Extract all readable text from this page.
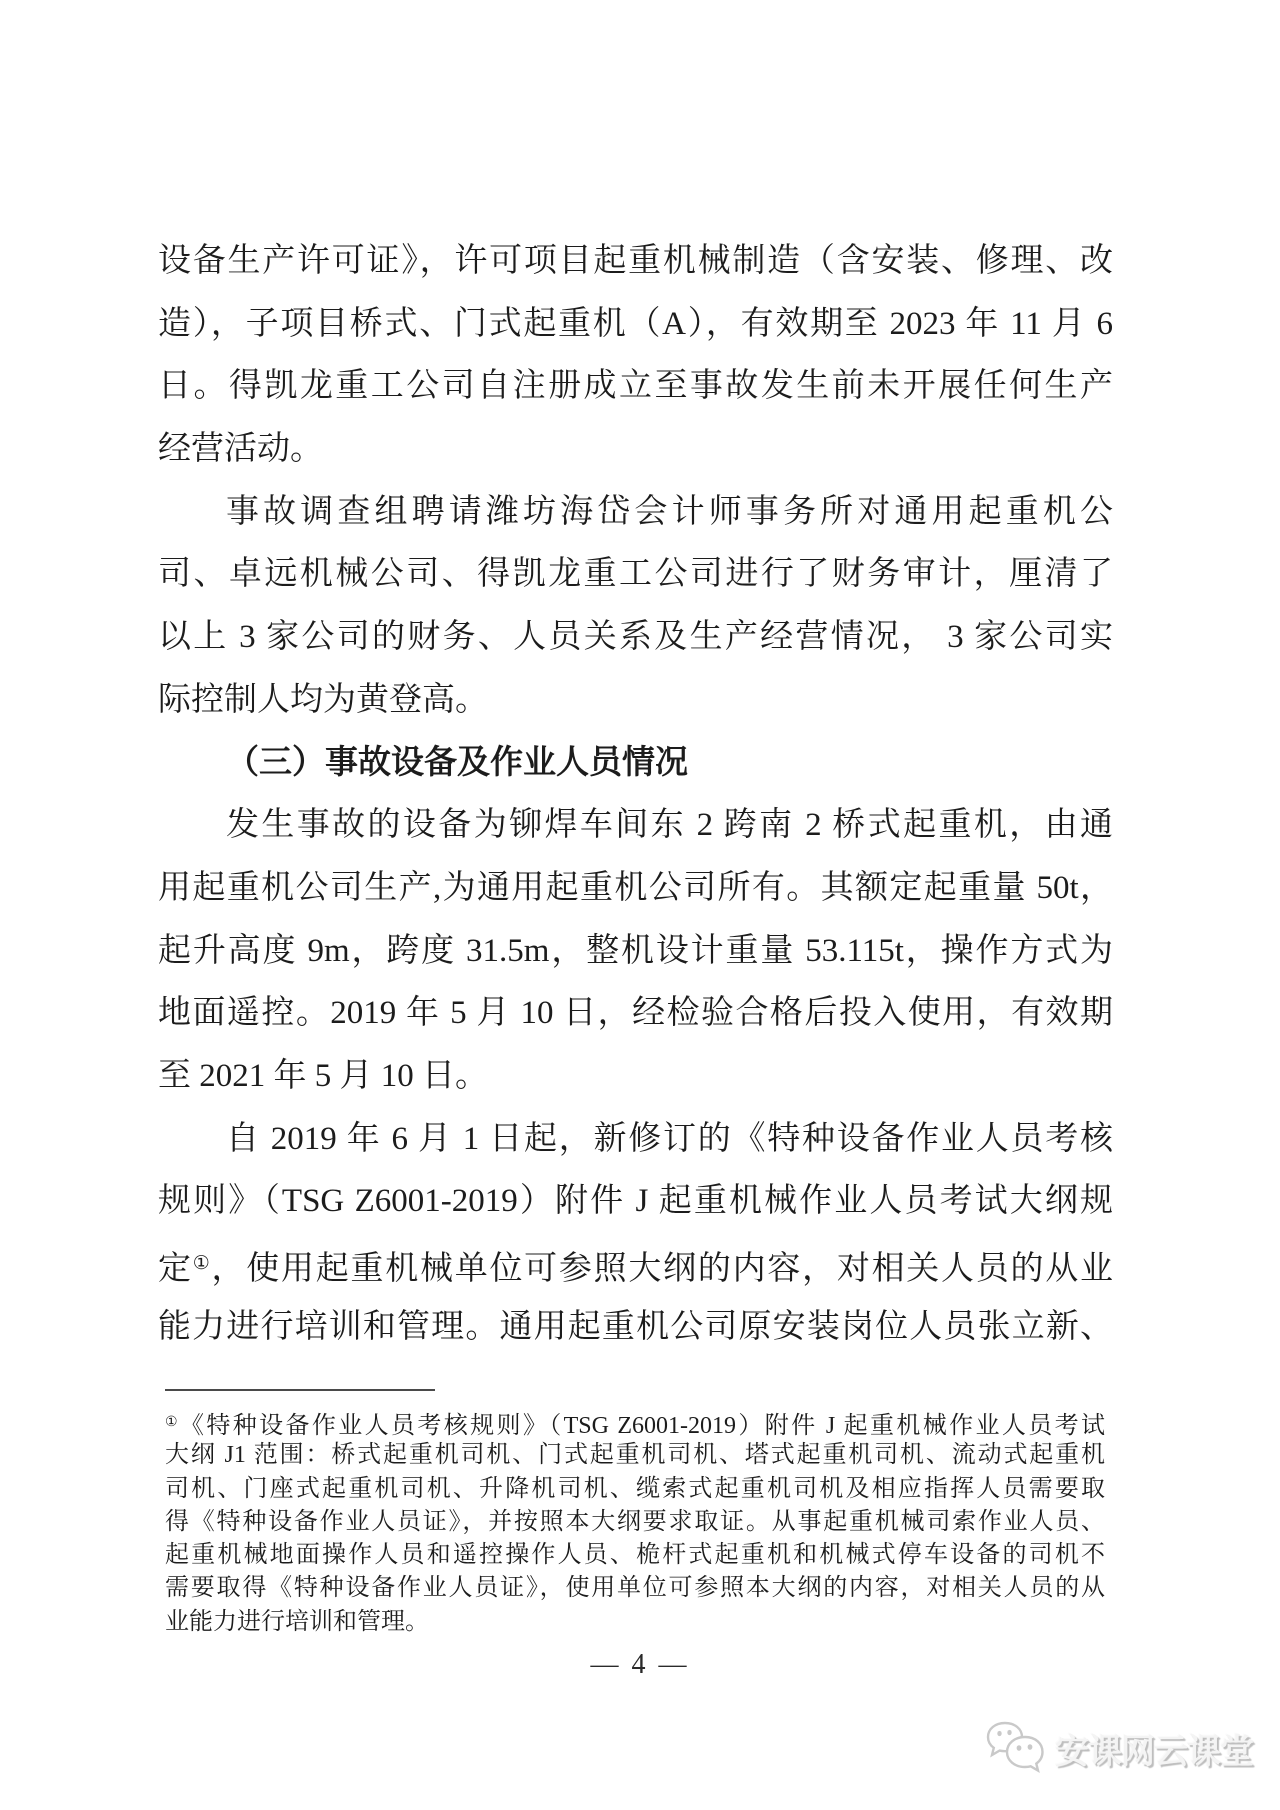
设备生产许可证》，许可项目起重机械制造（含安装、修理、改
造），子项目桥式、门式起重机（A），有效期至 2023 年 11 月 6
日。得凯龙重工公司自注册成立至事故发生前未开展任何生产
经营活动。
事故调查组聘请潍坊海岱会计师事务所对通用起重机公
司、卓远机械公司、得凯龙重工公司进行了财务审计，厘清了
以上 3 家公司的财务、人员关系及生产经营情况， 3 家公司实
际控制人均为黄登高。
（三）事故设备及作业人员情况
发生事故的设备为铆焊车间东 2 跨南 2 桥式起重机，由通
用起重机公司生产,为通用起重机公司所有。其额定起重量 50t，
起升高度 9m，跨度 31.5m，整机设计重量 53.115t，操作方式为
地面遥控。2019 年 5 月 10 日，经检验合格后投入使用，有效期
至 2021 年 5 月 10 日。
自 2019 年 6 月 1 日起，新修订的《特种设备作业人员考核
规则》（TSG Z6001-2019）附件 J 起重机械作业人员考试大纲规
定①，使用起重机械单位可参照大纲的内容，对相关人员的从业
能力进行培训和管理。通用起重机公司原安装岗位人员张立新、
①《特种设备作业人员考核规则》（TSG Z6001-2019）附件 J 起重机械作业人员考试
大纲 J1 范围：桥式起重机司机、门式起重机司机、塔式起重机司机、流动式起重机
司机、门座式起重机司机、升降机司机、缆索式起重机司机及相应指挥人员需要取
得《特种设备作业人员证》，并按照本大纲要求取证。从事起重机械司索作业人员、
起重机械地面操作人员和遥控操作人员、桅杆式起重机和机械式停车设备的司机不
需要取得《特种设备作业人员证》，使用单位可参照本大纲的内容，对相关人员的从
业能力进行培训和管理。
— 4 —
安课网云课堂
